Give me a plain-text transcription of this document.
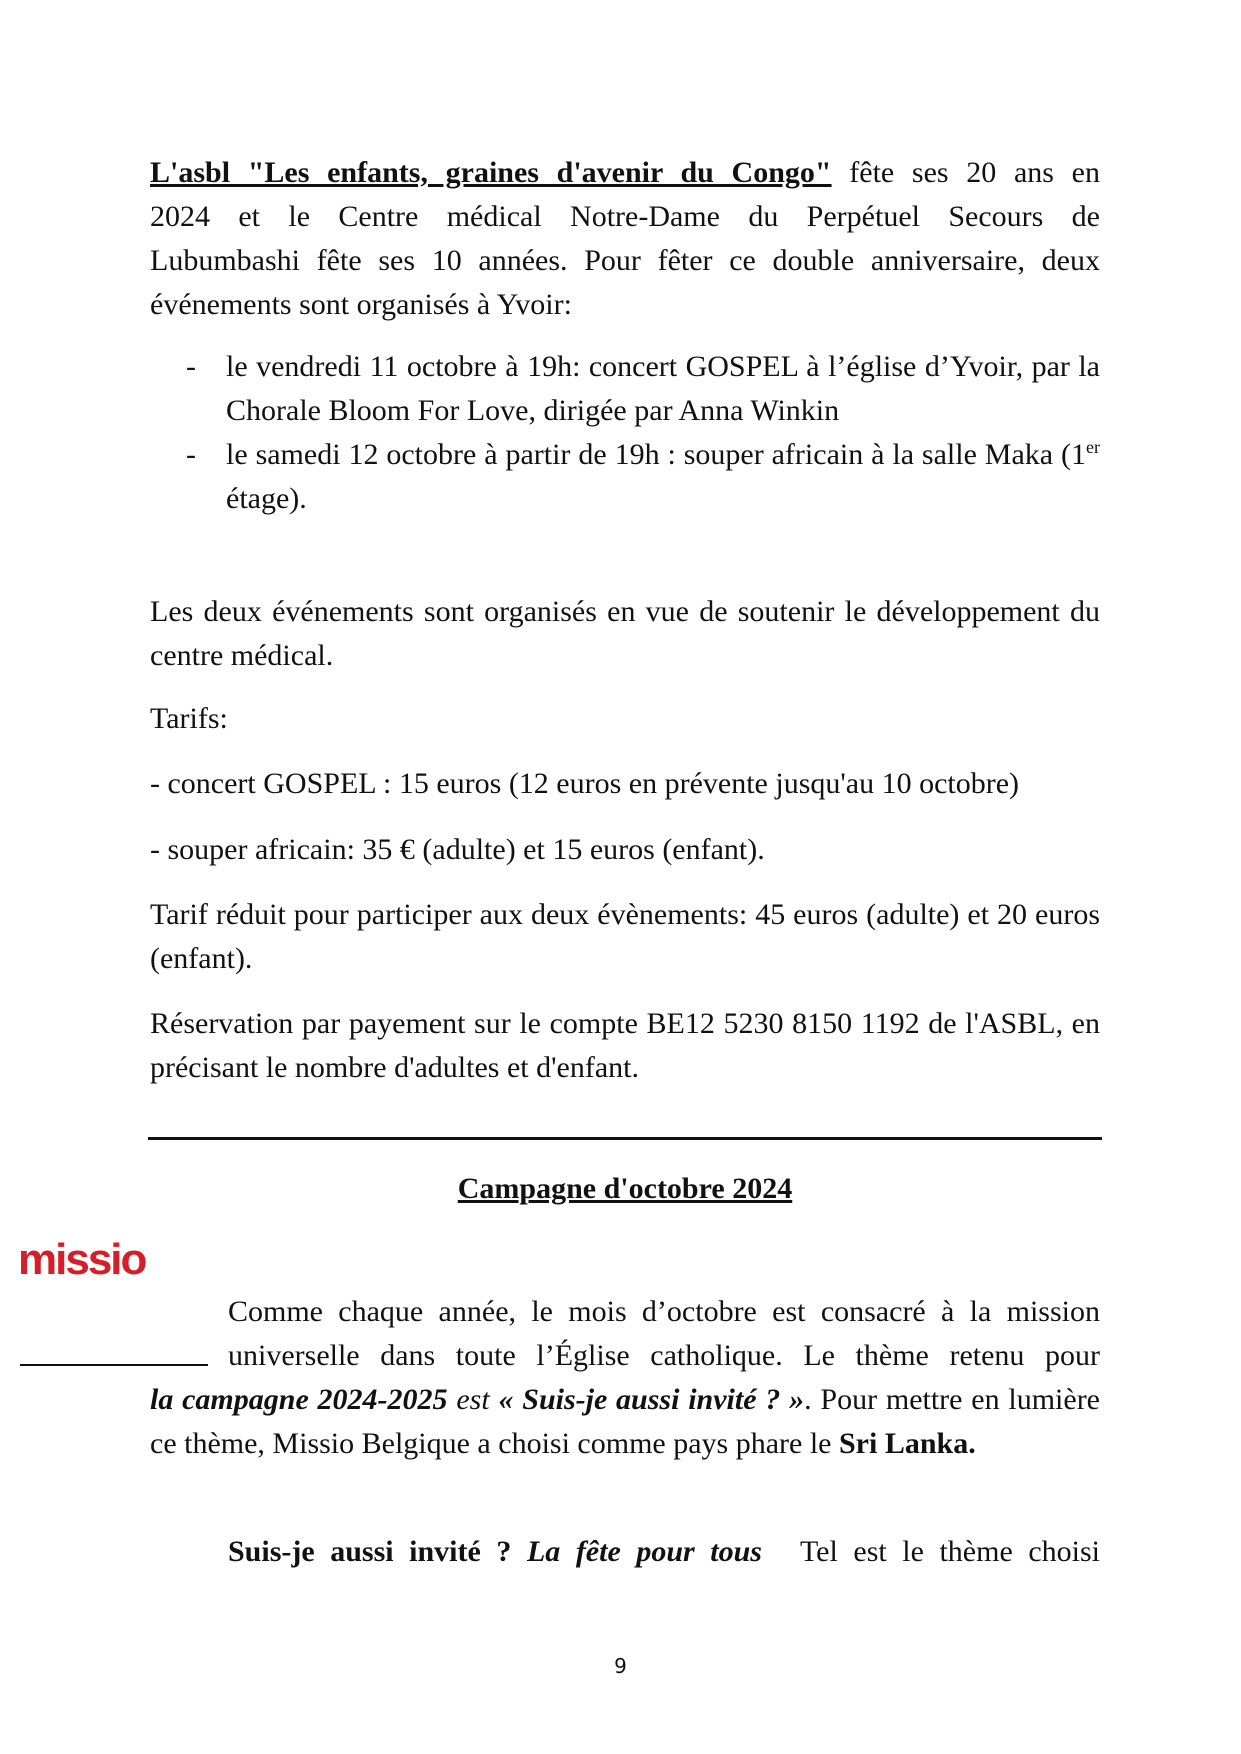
L'asbl "Les enfants, graines d'avenir du Congo" fête ses 20 ans en
2024 et le Centre médical Notre-Dame du Perpétuel Secours de
Lubumbashi fête ses 10 années. Pour fêter ce double anniversaire, deux
événements sont organisés à Yvoir:
- le vendredi 11 octobre à 19h: concert GOSPEL à l’église d’Yvoir, par la Chorale Bloom For Love, dirigée par Anna Winkin
- le samedi 12 octobre à partir de 19h : souper africain à la salle Maka (1er étage).
Les deux événements sont organisés en vue de soutenir le développement du centre médical.
Tarifs:
- concert GOSPEL : 15 euros (12 euros en prévente jusqu'au 10 octobre)
- souper africain: 35 € (adulte) et 15 euros (enfant).
Tarif réduit pour participer aux deux évènements: 45 euros (adulte) et 20 euros (enfant).
Réservation par payement sur le compte BE12 5230 8150 1192 de l'ASBL, en précisant le nombre d'adultes et d'enfant.
Campagne d'octobre 2024
missio
Comme chaque année, le mois d’octobre est consacré à la mission
universelle dans toute l’Église catholique. Le thème retenu pour
la campagne 2024-2025 est « Suis-je aussi invité ? ». Pour mettre en lumière ce thème, Missio Belgique a choisi comme pays phare le Sri Lanka.
Suis-je aussi invité ? La fête pour tous Tel est le thème choisi
9
